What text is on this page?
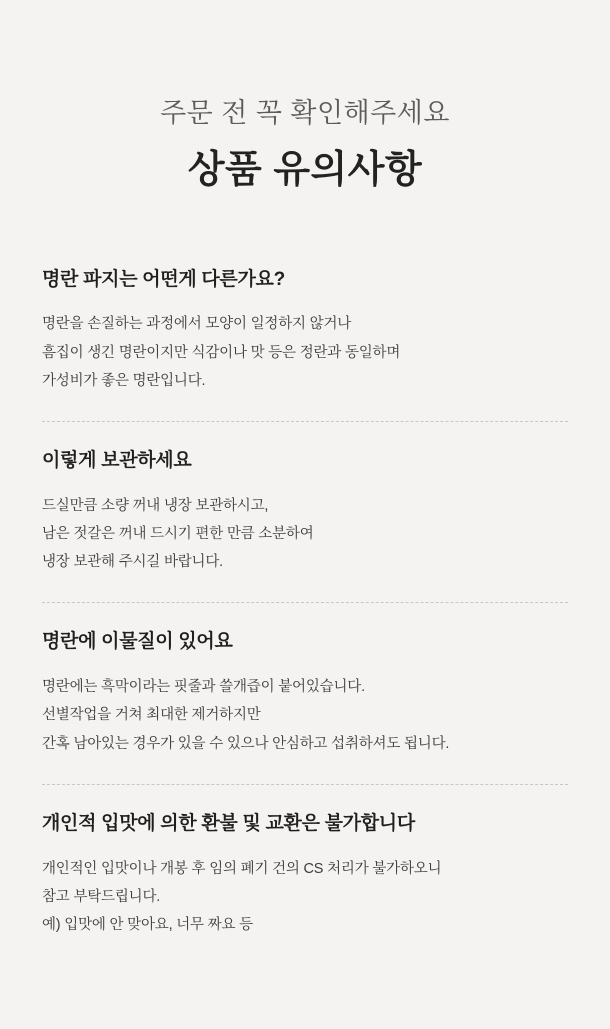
주문 전 꼭 확인해주세요
상품 유의사항
명란 파지는 어떤게 다른가요?
명란을 손질하는 과정에서 모양이 일정하지 않거나
흠집이 생긴 명란이지만 식감이나 맛 등은 정란과 동일하며
가성비가 좋은 명란입니다.
이렇게 보관하세요
드실만큼 소량 꺼내 냉장 보관하시고,
남은 젓갈은 꺼내 드시기 편한 만큼 소분하여
냉장 보관해 주시길 바랍니다.
명란에 이물질이 있어요
명란에는 흑막이라는 핏줄과 쓸개즙이 붙어있습니다.
선별작업을 거쳐 최대한 제거하지만
간혹 남아있는 경우가 있을 수 있으나 안심하고 섭취하셔도 됩니다.
개인적 입맛에 의한 환불 및 교환은 불가합니다
개인적인 입맛이나 개봉 후 임의 폐기 건의 CS 처리가 불가하오니
참고 부탁드립니다.
예) 입맛에 안 맞아요, 너무 짜요 등
